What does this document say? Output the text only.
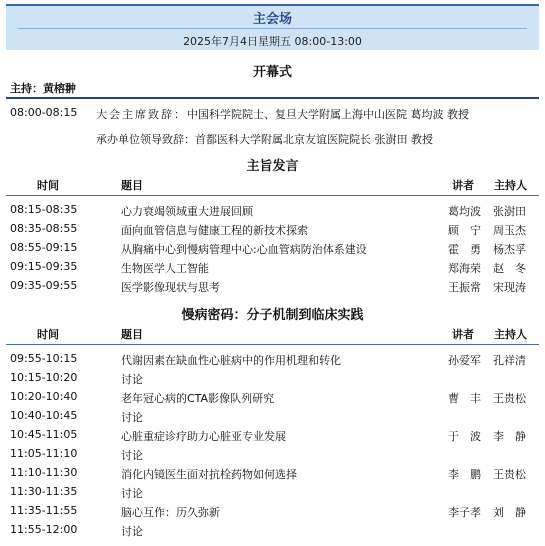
主会场
2025年7月4日星期五 08:00-13:00
开幕式
主持：黄榕翀
08:00-08:15 大会主席致辞：中国科学院院士、复旦大学附属上海中山医院 葛均波 教授
承办单位领导致辞：首都医科大学附属北京友谊医院院长 张澍田 教授
主旨发言
时间	题目	讲者 主持人
08:15-08:35	心力衰竭领域重大进展回顾	葛均波 张澍田
08:35-08:55	面向血管信息与健康工程的新技术探索	顾　宁 周玉杰
08:55-09:15	从胸痛中心到慢病管理中心:心血管病防治体系建设	霍　勇 杨杰孚
09:15-09:35	生物医学人工智能	郑海荣 赵　冬
09:35-09:55	医学影像现状与思考	王振常 宋现涛
慢病密码：分子机制到临床实践
时间	题目	讲者 主持人
09:55-10:15	代谢因素在缺血性心脏病中的作用机理和转化	孙爱军 孔祥清
10:15-10:20	讨论
10:20-10:40	老年冠心病的CTA影像队列研究	曹　丰 王贵松
10:40-10:45	讨论
10:45-11:05	心脏重症诊疗助力心脏亚专业发展	于　波 李　静
11:05-11:10	讨论
11:10-11:30	消化内镜医生面对抗栓药物如何选择	李　鹏 王贵松
11:30-11:35	讨论
11:35-11:55	脑心互作：历久弥新	李子孝 刘　静
11:55-12:00	讨论
